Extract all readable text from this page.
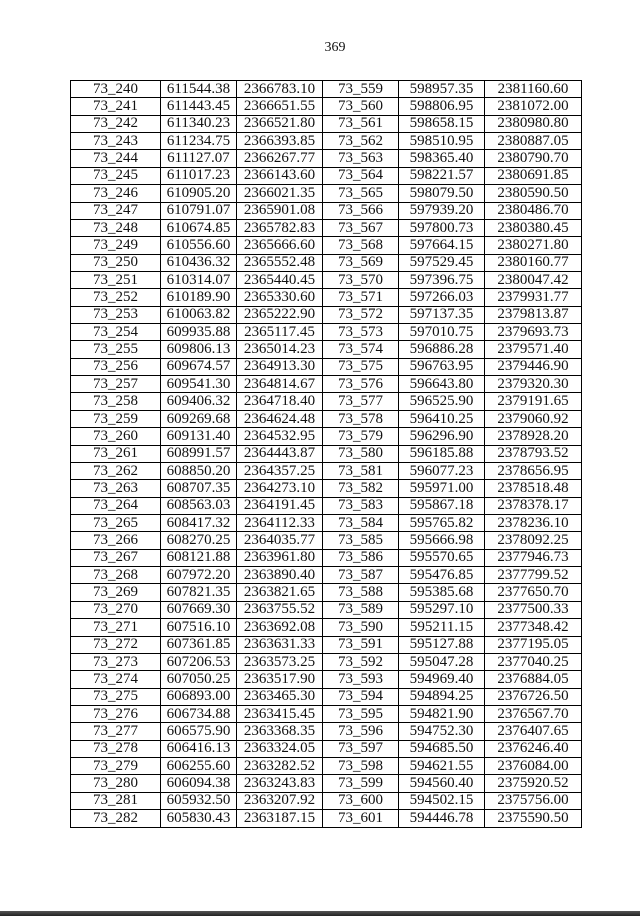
369
73_240	611544.38	2366783.10	73_559	598957.35	2381160.60
73_241	611443.45	2366651.55	73_560	598806.95	2381072.00
73_242	611340.23	2366521.80	73_561	598658.15	2380980.80
73_243	611234.75	2366393.85	73_562	598510.95	2380887.05
73_244	611127.07	2366267.77	73_563	598365.40	2380790.70
73_245	611017.23	2366143.60	73_564	598221.57	2380691.85
73_246	610905.20	2366021.35	73_565	598079.50	2380590.50
73_247	610791.07	2365901.08	73_566	597939.20	2380486.70
73_248	610674.85	2365782.83	73_567	597800.73	2380380.45
73_249	610556.60	2365666.60	73_568	597664.15	2380271.80
73_250	610436.32	2365552.48	73_569	597529.45	2380160.77
73_251	610314.07	2365440.45	73_570	597396.75	2380047.42
73_252	610189.90	2365330.60	73_571	597266.03	2379931.77
73_253	610063.82	2365222.90	73_572	597137.35	2379813.87
73_254	609935.88	2365117.45	73_573	597010.75	2379693.73
73_255	609806.13	2365014.23	73_574	596886.28	2379571.40
73_256	609674.57	2364913.30	73_575	596763.95	2379446.90
73_257	609541.30	2364814.67	73_576	596643.80	2379320.30
73_258	609406.32	2364718.40	73_577	596525.90	2379191.65
73_259	609269.68	2364624.48	73_578	596410.25	2379060.92
73_260	609131.40	2364532.95	73_579	596296.90	2378928.20
73_261	608991.57	2364443.87	73_580	596185.88	2378793.52
73_262	608850.20	2364357.25	73_581	596077.23	2378656.95
73_263	608707.35	2364273.10	73_582	595971.00	2378518.48
73_264	608563.03	2364191.45	73_583	595867.18	2378378.17
73_265	608417.32	2364112.33	73_584	595765.82	2378236.10
73_266	608270.25	2364035.77	73_585	595666.98	2378092.25
73_267	608121.88	2363961.80	73_586	595570.65	2377946.73
73_268	607972.20	2363890.40	73_587	595476.85	2377799.52
73_269	607821.35	2363821.65	73_588	595385.68	2377650.70
73_270	607669.30	2363755.52	73_589	595297.10	2377500.33
73_271	607516.10	2363692.08	73_590	595211.15	2377348.42
73_272	607361.85	2363631.33	73_591	595127.88	2377195.05
73_273	607206.53	2363573.25	73_592	595047.28	2377040.25
73_274	607050.25	2363517.90	73_593	594969.40	2376884.05
73_275	606893.00	2363465.30	73_594	594894.25	2376726.50
73_276	606734.88	2363415.45	73_595	594821.90	2376567.70
73_277	606575.90	2363368.35	73_596	594752.30	2376407.65
73_278	606416.13	2363324.05	73_597	594685.50	2376246.40
73_279	606255.60	2363282.52	73_598	594621.55	2376084.00
73_280	606094.38	2363243.83	73_599	594560.40	2375920.52
73_281	605932.50	2363207.92	73_600	594502.15	2375756.00
73_282	605830.43	2363187.15	73_601	594446.78	2375590.50
